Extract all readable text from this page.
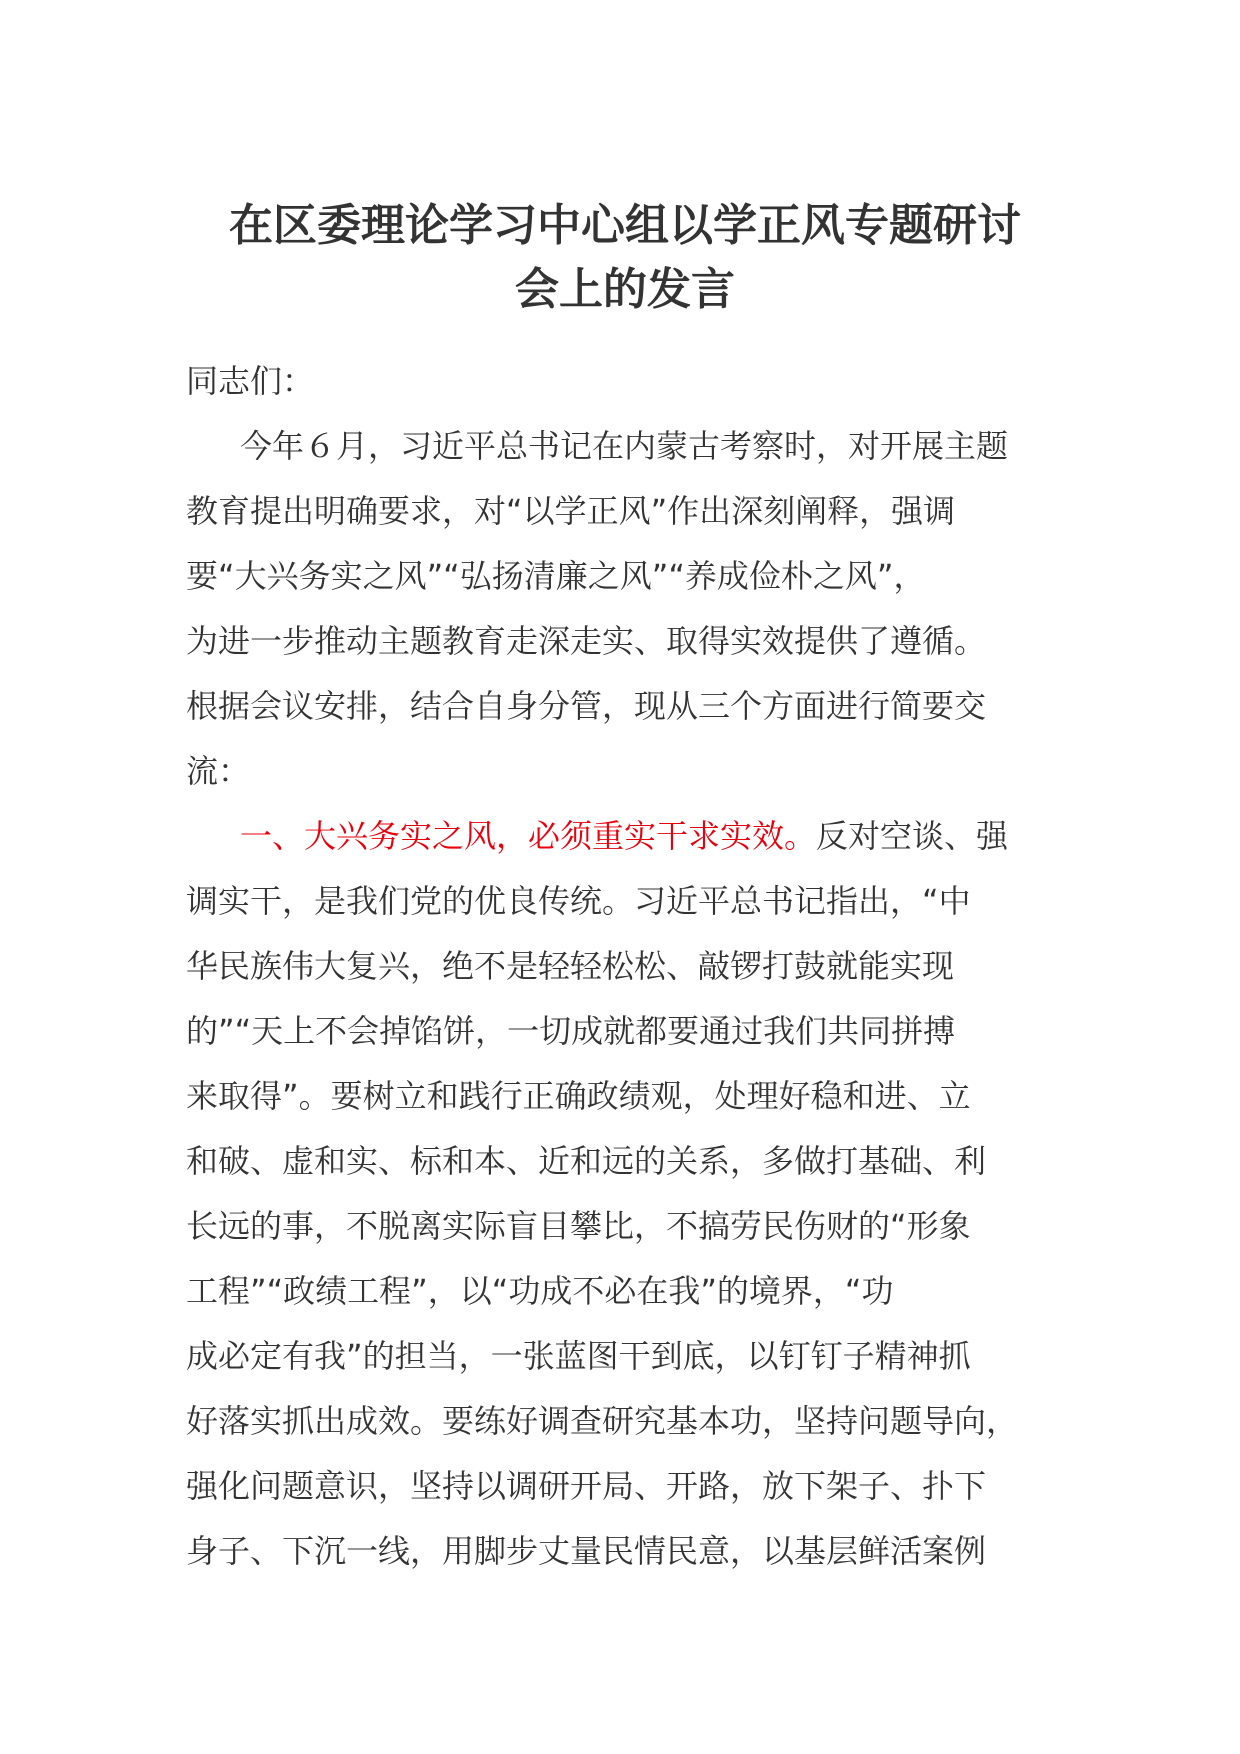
在区委理论学习中心组以学正风专题研讨
会上的发言
同志们：
今年６月，习近平总书记在内蒙古考察时，对开展主题
教育提出明确要求，对“以学正风”作出深刻阐释，强调
要“大兴务实之风”“弘扬清廉之风”“养成俭朴之风”，
为进一步推动主题教育走深走实、取得实效提供了遵循。
根据会议安排，结合自身分管，现从三个方面进行简要交
流：
一、大兴务实之风，必须重实干求实效。反对空谈、强
调实干，是我们党的优良传统。习近平总书记指出，“中
华民族伟大复兴，绝不是轻轻松松、敲锣打鼓就能实现
的”“天上不会掉馅饼，一切成就都要通过我们共同拼搏
来取得”。要树立和践行正确政绩观，处理好稳和进、立
和破、虚和实、标和本、近和远的关系，多做打基础、利
长远的事，不脱离实际盲目攀比，不搞劳民伤财的“形象
工程”“政绩工程”，以“功成不必在我”的境界，“功
成必定有我”的担当，一张蓝图干到底，以钉钉子精神抓
好落实抓出成效。要练好调查研究基本功，坚持问题导向，
强化问题意识，坚持以调研开局、开路，放下架子、扑下
身子、下沉一线，用脚步丈量民情民意，以基层鲜活案例
